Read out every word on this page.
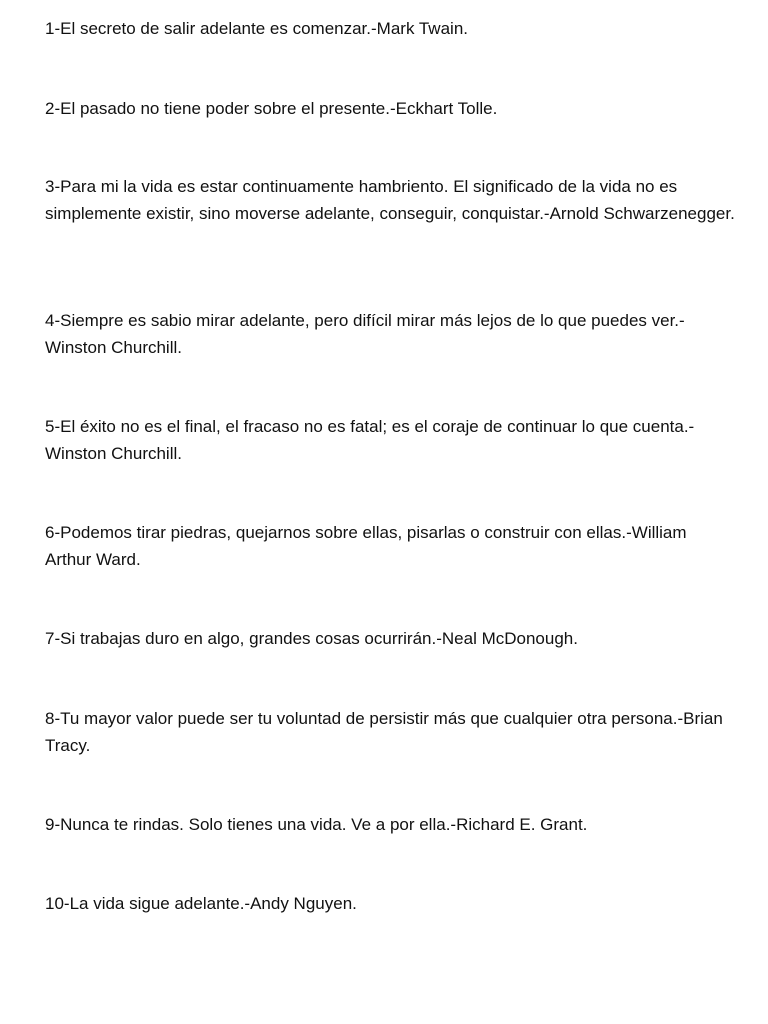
1-El secreto de salir adelante es comenzar.-Mark Twain.

2-El pasado no tiene poder sobre el presente.-Eckhart Tolle.

3-Para mi la vida es estar continuamente hambriento. El significado de la vida no es simplemente existir, sino moverse adelante, conseguir, conquistar.-Arnold Schwarzenegger.

4-Siempre es sabio mirar adelante, pero difícil mirar más lejos de lo que puedes ver.-Winston Churchill.

5-El éxito no es el final, el fracaso no es fatal; es el coraje de continuar lo que cuenta.-Winston Churchill.

6-Podemos tirar piedras, quejarnos sobre ellas, pisarlas o construir con ellas.-William Arthur Ward.

7-Si trabajas duro en algo, grandes cosas ocurrirán.-Neal McDonough.

8-Tu mayor valor puede ser tu voluntad de persistir más que cualquier otra persona.-Brian Tracy.

9-Nunca te rindas. Solo tienes una vida. Ve a por ella.-Richard E. Grant.

10-La vida sigue adelante.-Andy Nguyen.
